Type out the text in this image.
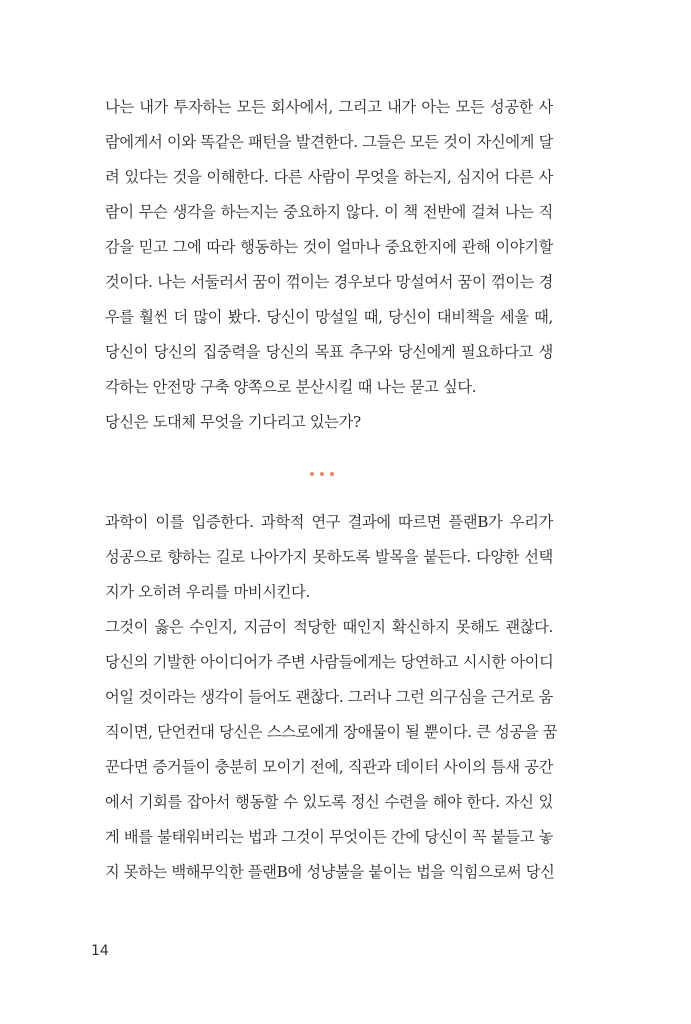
나는 내가 투자하는 모든 회사에서, 그리고 내가 아는 모든 성공한 사
람에게서 이와 똑같은 패턴을 발견한다. 그들은 모든 것이 자신에게 달
려 있다는 것을 이해한다. 다른 사람이 무엇을 하는지, 심지어 다른 사
람이 무슨 생각을 하는지는 중요하지 않다. 이 책 전반에 걸쳐 나는 직
감을 믿고 그에 따라 행동하는 것이 얼마나 중요한지에 관해 이야기할
것이다. 나는 서둘러서 꿈이 꺾이는 경우보다 망설여서 꿈이 꺾이는 경
우를 훨씬 더 많이 봤다. 당신이 망설일 때, 당신이 대비책을 세울 때,
당신이 당신의 집중력을 당신의 목표 추구와 당신에게 필요하다고 생
각하는 안전망 구축 양쪽으로 분산시킬 때 나는 묻고 싶다.

당신은 도대체 무엇을 기다리고 있는가?

과학이 이를 입증한다. 과학적 연구 결과에 따르면 플랜B가 우리가
성공으로 향하는 길로 나아가지 못하도록 발목을 붙든다. 다양한 선택
지가 오히려 우리를 마비시킨다.

그것이 옳은 수인지, 지금이 적당한 때인지 확신하지 못해도 괜찮다.
당신의 기발한 아이디어가 주변 사람들에게는 당연하고 시시한 아이디
어일 것이라는 생각이 들어도 괜찮다. 그러나 그런 의구심을 근거로 움
직이면, 단언컨대 당신은 스스로에게 장애물이 될 뿐이다. 큰 성공을 꿈
꾼다면 증거들이 충분히 모이기 전에, 직관과 데이터 사이의 틈새 공간
에서 기회를 잡아서 행동할 수 있도록 정신 수련을 해야 한다. 자신 있
게 배를 불태워버리는 법과 그것이 무엇이든 간에 당신이 꼭 붙들고 놓
지 못하는 백해무익한 플랜B에 성냥불을 붙이는 법을 익힘으로써 당신

14
